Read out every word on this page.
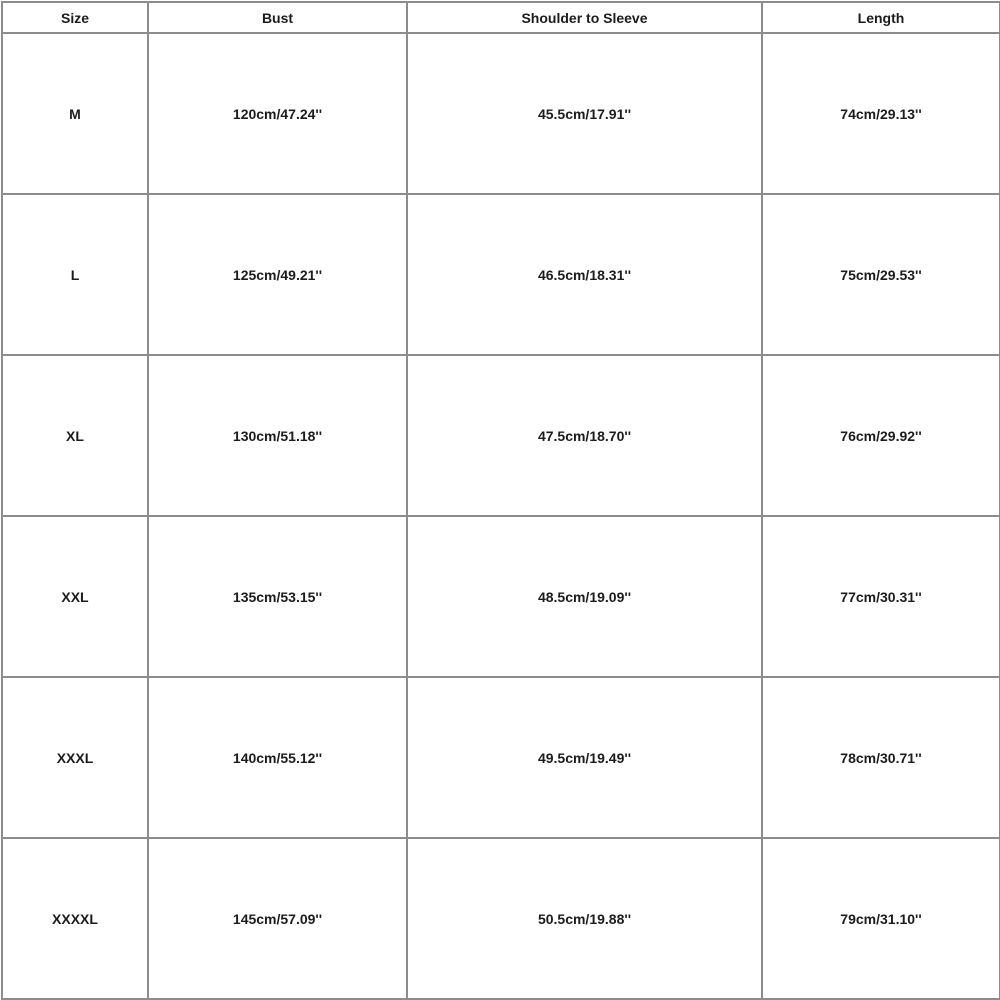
Size	Bust	Shoulder to Sleeve	Length
M	120cm/47.24''	45.5cm/17.91''	74cm/29.13''
L	125cm/49.21''	46.5cm/18.31''	75cm/29.53''
XL	130cm/51.18''	47.5cm/18.70''	76cm/29.92''
XXL	135cm/53.15''	48.5cm/19.09''	77cm/30.31''
XXXL	140cm/55.12''	49.5cm/19.49''	78cm/30.71''
XXXXL	145cm/57.09''	50.5cm/19.88''	79cm/31.10''
